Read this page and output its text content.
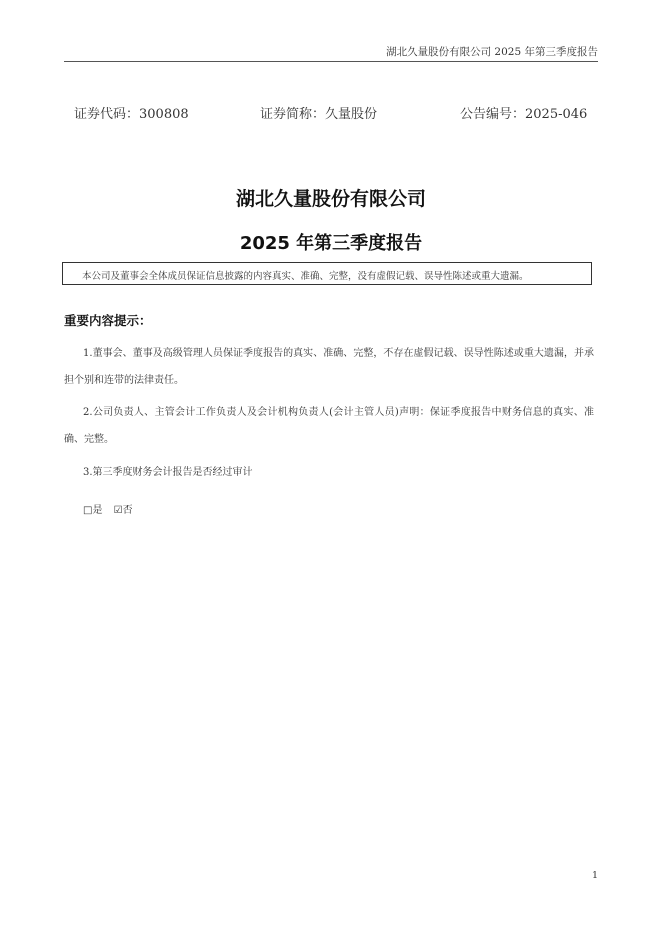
湖北久量股份有限公司 2025 年第三季度报告
证券代码：300808	证券简称：久量股份	公告编号：2025-046
湖北久量股份有限公司
2025 年第三季度报告
本公司及董事会全体成员保证信息披露的内容真实、准确、完整，没有虚假记载、误导性陈述或重大遗漏。
重要内容提示：
1.董事会、董事及高级管理人员保证季度报告的真实、准确、完整，不存在虚假记载、误导性陈述或重大遗漏，并承担个别和连带的法律责任。
2.公司负责人、主管会计工作负责人及会计机构负责人(会计主管人员)声明：保证季度报告中财务信息的真实、准确、完整。
3.第三季度财务会计报告是否经过审计
□是 ☑否
1
